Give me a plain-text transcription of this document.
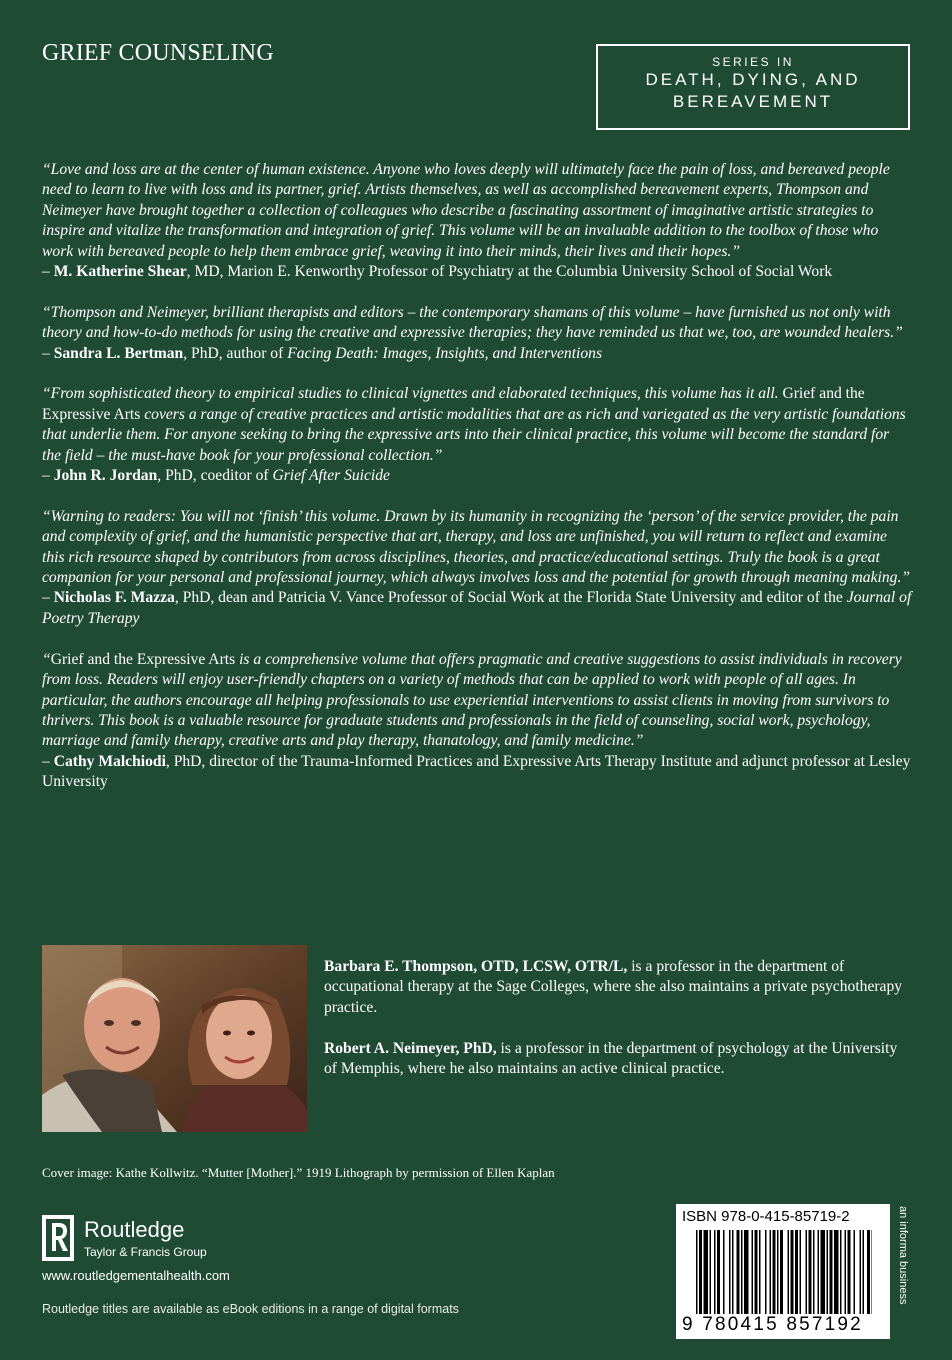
GRIEF COUNSELING	SERIES IN
DEATH, DYING, AND
BEREAVEMENT
“Love and loss are at the center of human existence. Anyone who loves deeply will ultimately face the pain of loss, and bereaved people need to learn to live with loss and its partner, grief. Artists themselves, as well as accomplished bereavement experts, Thompson and Neimeyer have brought together a collection of colleagues who describe a fascinating assortment of imaginative artistic strategies to inspire and vitalize the transformation and integration of grief. This volume will be an invaluable addition to the toolbox of those who work with bereaved people to help them embrace grief, weaving it into their minds, their lives and their hopes.”
– M. Katherine Shear, MD, Marion E. Kenworthy Professor of Psychiatry at the Columbia University School of Social Work
“Thompson and Neimeyer, brilliant therapists and editors – the contemporary shamans of this volume – have furnished us not only with theory and how-to-do methods for using the creative and expressive therapies; they have reminded us that we, too, are wounded healers.”
– Sandra L. Bertman, PhD, author of Facing Death: Images, Insights, and Interventions
“From sophisticated theory to empirical studies to clinical vignettes and elaborated techniques, this volume has it all. Grief and the Expressive Arts covers a range of creative practices and artistic modalities that are as rich and variegated as the very artistic foundations that underlie them. For anyone seeking to bring the expressive arts into their clinical practice, this volume will become the standard for the field – the must-have book for your professional collection.”
– John R. Jordan, PhD, coeditor of Grief After Suicide
“Warning to readers: You will not ‘finish’ this volume. Drawn by its humanity in recognizing the ‘person’ of the service provider, the pain and complexity of grief, and the humanistic perspective that art, therapy, and loss are unfinished, you will return to reflect and examine this rich resource shaped by contributors from across disciplines, theories, and practice/educational settings. Truly the book is a great companion for your personal and professional journey, which always involves loss and the potential for growth through meaning making.”
– Nicholas F. Mazza, PhD, dean and Patricia V. Vance Professor of Social Work at the Florida State University and editor of the Journal of Poetry Therapy
“Grief and the Expressive Arts is a comprehensive volume that offers pragmatic and creative suggestions to assist individuals in recovery from loss. Readers will enjoy user-friendly chapters on a variety of methods that can be applied to work with people of all ages. In particular, the authors encourage all helping professionals to use experiential interventions to assist clients in moving from survivors to thrivers. This book is a valuable resource for graduate students and professionals in the field of counseling, social work, psychology, marriage and family therapy, creative arts and play therapy, thanatology, and family medicine.”
– Cathy Malchiodi, PhD, director of the Trauma-Informed Practices and Expressive Arts Therapy Institute and adjunct professor at Lesley University

Barbara E. Thompson, OTD, LCSW, OTR/L, is a professor in the department of occupational therapy at the Sage Colleges, where she also maintains a private psychotherapy practice.

Robert A. Neimeyer, PhD, is a professor in the department of psychology at the University of Memphis, where he also maintains an active clinical practice.

Cover image: Kathe Kollwitz. “Mutter [Mother].” 1919 Lithograph by permission of Ellen Kaplan
Routledge
Taylor & Francis Group
www.routledgementalhealth.com
Routledge titles are available as eBook editions in a range of digital formats
ISBN 978-0-415-85719-2
9 780415 857192
an informa business
